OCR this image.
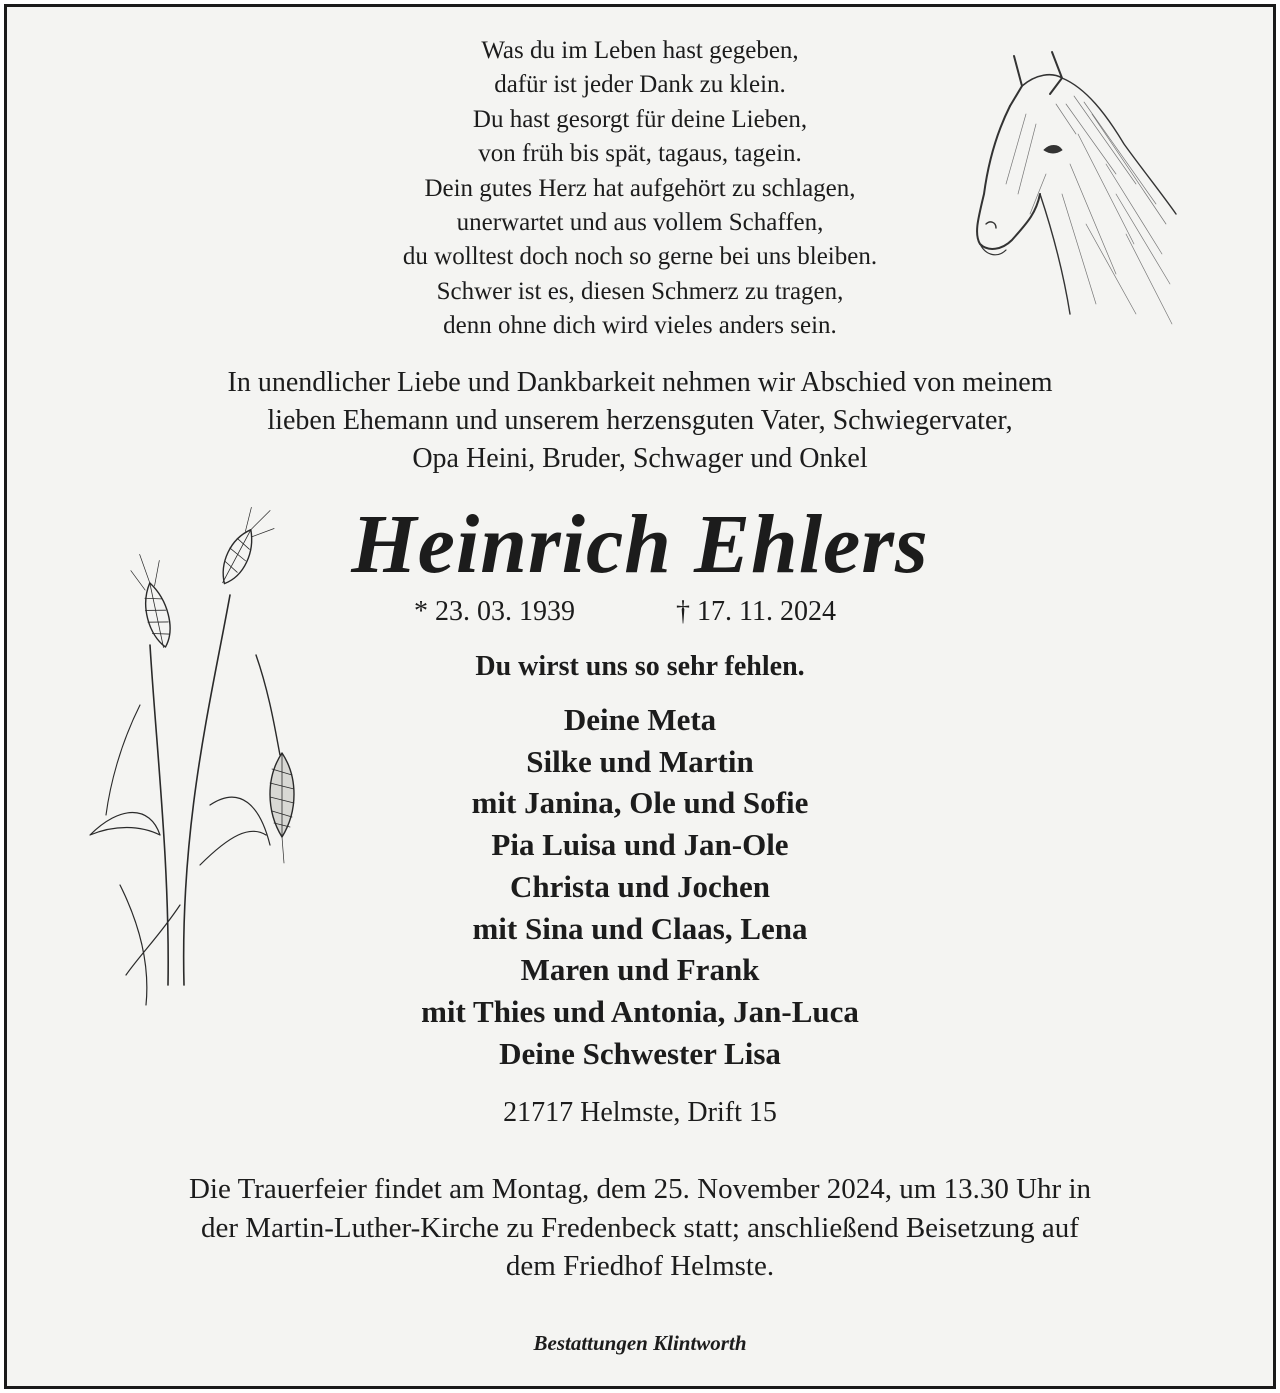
Was du im Leben hast gegeben,
dafür ist jeder Dank zu klein.
Du hast gesorgt für deine Lieben,
von früh bis spät, tagaus, tagein.
Dein gutes Herz hat aufgehört zu schlagen,
unerwartet und aus vollem Schaffen,
du wolltest doch noch so gerne bei uns bleiben.
Schwer ist es, diesen Schmerz zu tragen,
denn ohne dich wird vieles anders sein.
In unendlicher Liebe und Dankbarkeit nehmen wir Abschied von meinem
lieben Ehemann und unserem herzensguten Vater, Schwiegervater,
Opa Heini, Bruder, Schwager und Onkel
Heinrich Ehlers
* 23. 03. 1939	† 17. 11. 2024
Du wirst uns so sehr fehlen.
Deine Meta
Silke und Martin
mit Janina, Ole und Sofie
Pia Luisa und Jan-Ole
Christa und Jochen
mit Sina und Claas, Lena
Maren und Frank
mit Thies und Antonia, Jan-Luca
Deine Schwester Lisa
21717 Helmste, Drift 15
Die Trauerfeier findet am Montag, dem 25. November 2024, um 13.30 Uhr in
der Martin-Luther-Kirche zu Fredenbeck statt; anschließend Beisetzung auf
dem Friedhof Helmste.
Bestattungen Klintworth
